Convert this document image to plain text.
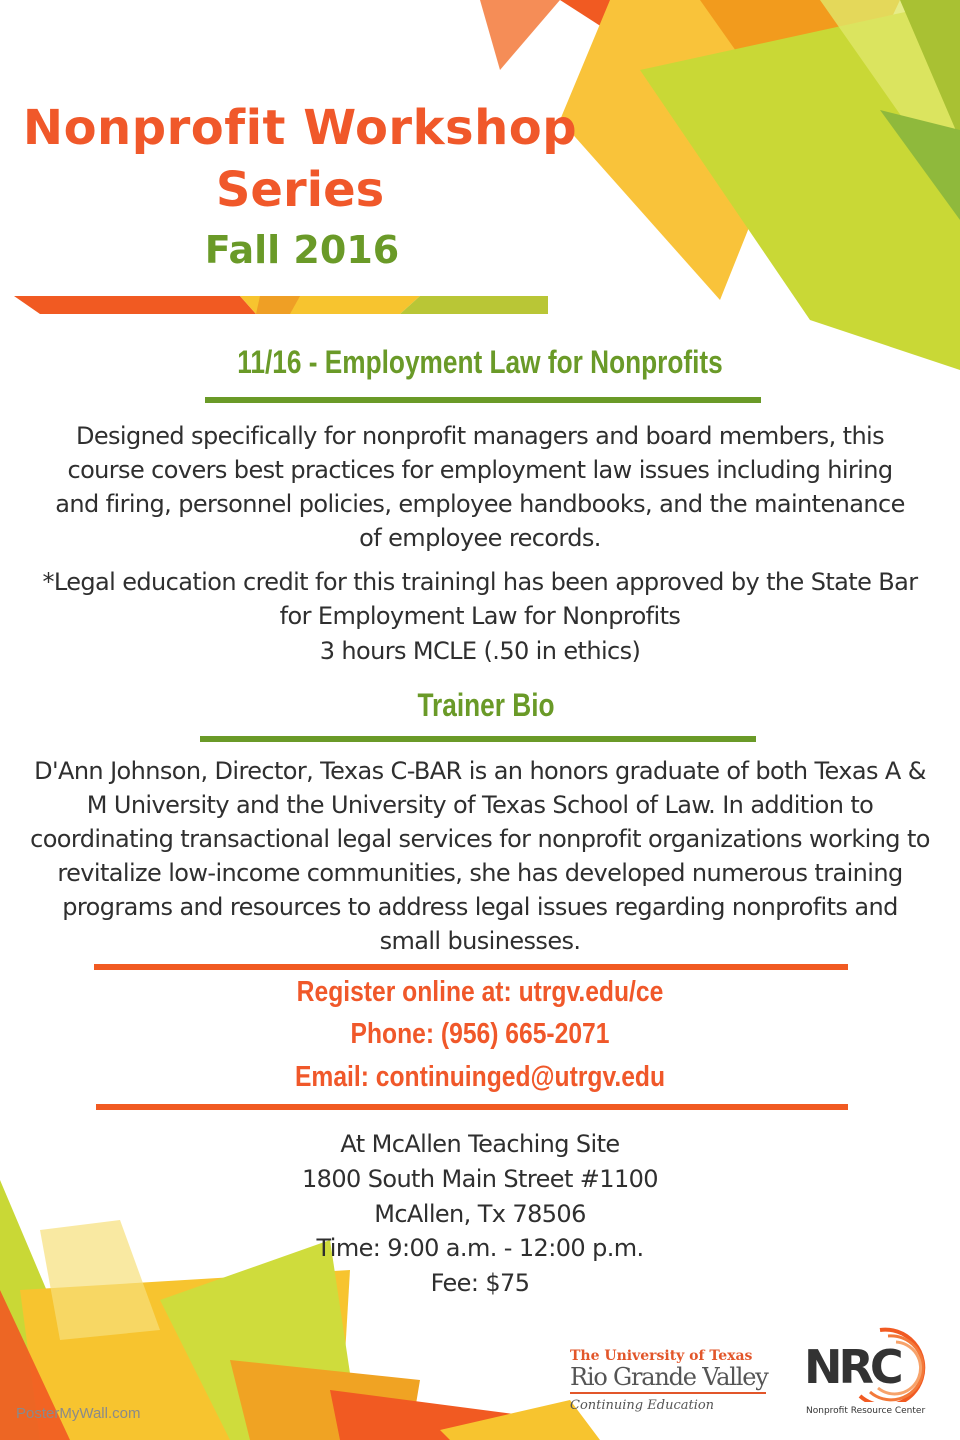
Nonprofit Workshop
Series
Fall 2016
11/16 - Employment Law for Nonprofits
Designed specifically for nonprofit managers and board members, this course covers best practices for employment law issues including hiring and firing, personnel policies, employee handbooks, and the maintenance of employee records.
*Legal education credit for this trainingl has been approved by the State Bar for Employment Law for Nonprofits
3 hours MCLE (.50 in ethics)
Trainer Bio
D'Ann Johnson, Director, Texas C-BAR is an honors graduate of both Texas A & M University and the University of Texas School of Law. In addition to coordinating transactional legal services for nonprofit organizations working to revitalize low-income communities, she has developed numerous training programs and resources to address legal issues regarding nonprofits and small businesses.
Register online at: utrgv.edu/ce
Phone: (956) 665-2071
Email: continuinged@utrgv.edu
At McAllen Teaching Site
1800 South Main Street #1100
McAllen, Tx 78506
Time: 9:00 a.m. - 12:00 p.m.
Fee: $75
The University of Texas
Rio Grande Valley
Continuing Education
NRC
Nonprofit Resource Center
PosterMyWall.com
